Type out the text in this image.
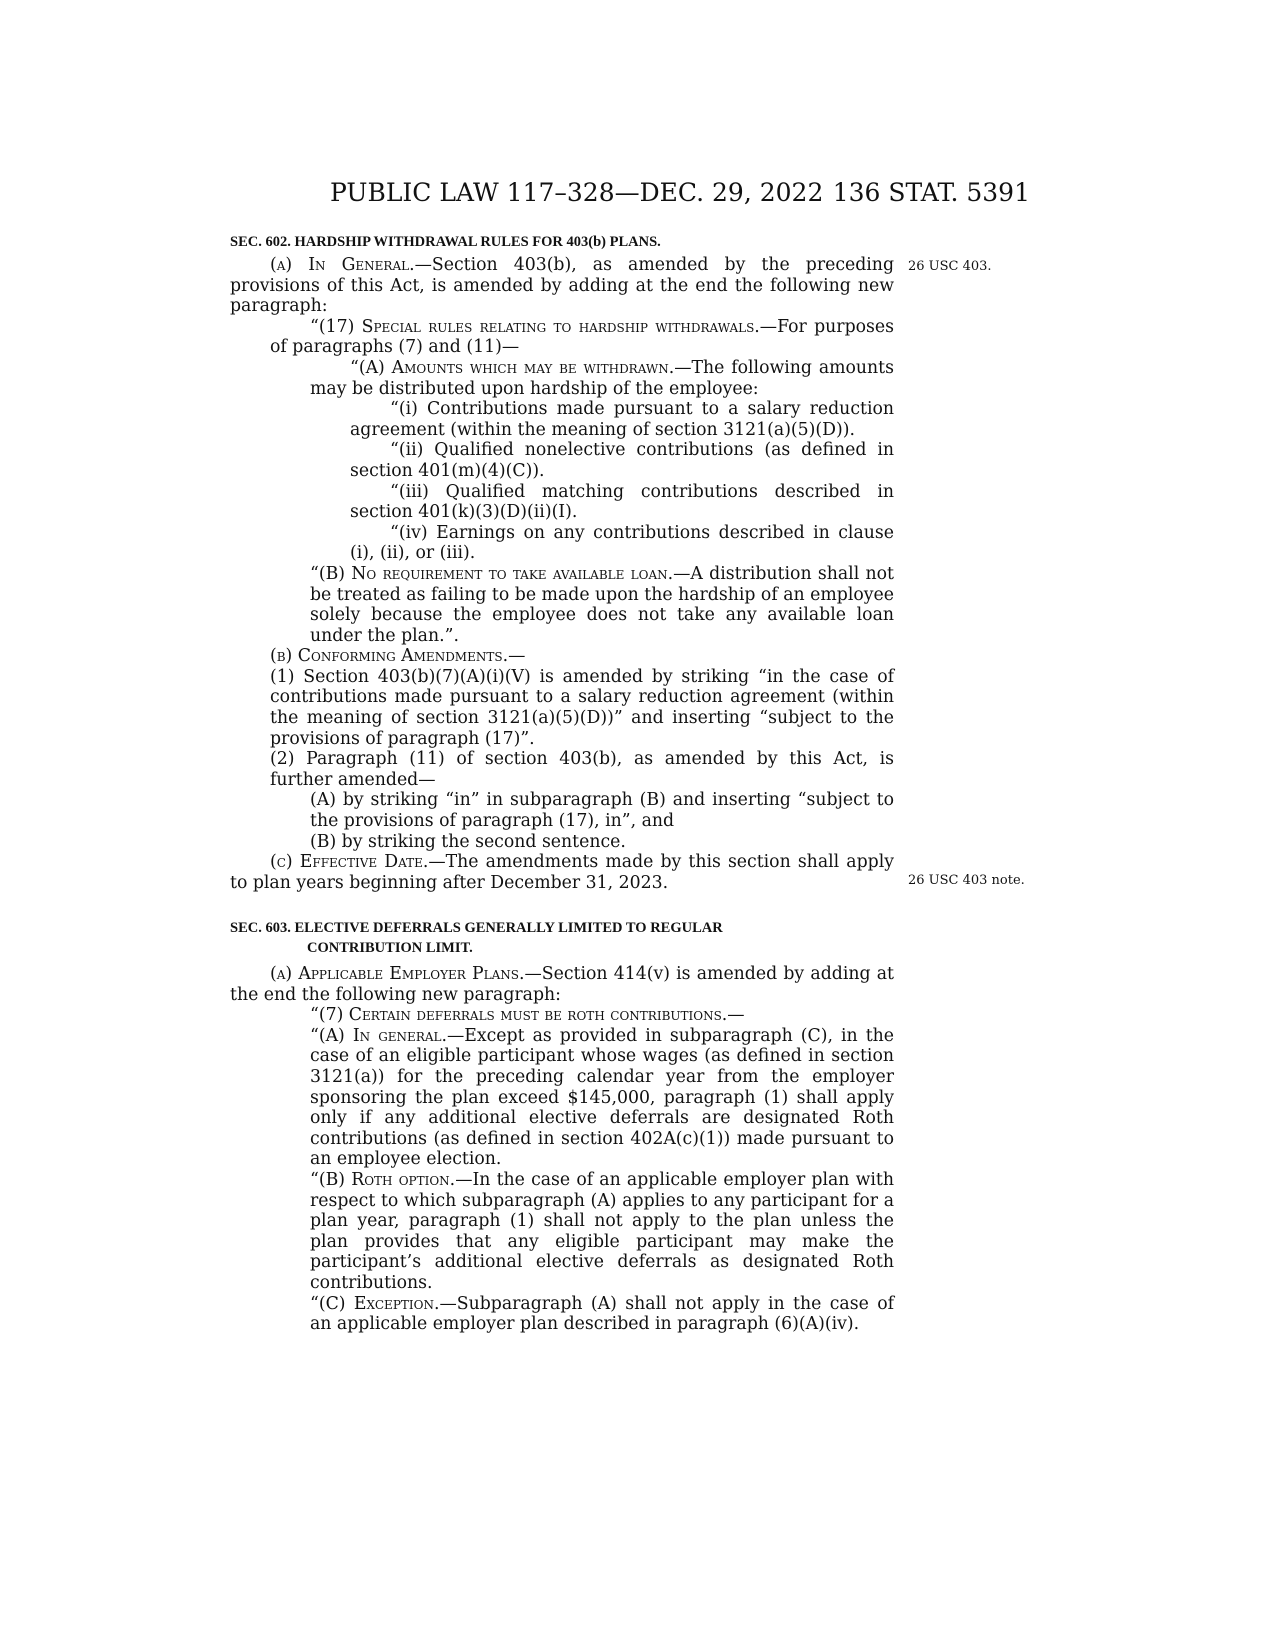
PUBLIC LAW 117–328—DEC. 29, 2022 136 STAT. 5391
SEC. 602. HARDSHIP WITHDRAWAL RULES FOR 403(b) PLANS.
26 USC 403.

(a) In General.—Section 403(b), as amended by the preceding provisions of this Act, is amended by adding at the end the following new paragraph:

“(17) Special rules relating to hardship withdrawals.—For purposes of paragraphs (7) and (11)—

“(A) Amounts which may be withdrawn.—The following amounts may be distributed upon hardship of the employee:

“(i) Contributions made pursuant to a salary reduction agreement (within the meaning of section 3121(a)(5)(D)).

“(ii) Qualified nonelective contributions (as defined in section 401(m)(4)(C)).

“(iii) Qualified matching contributions described in section 401(k)(3)(D)(ii)(I).

“(iv) Earnings on any contributions described in clause (i), (ii), or (iii).

“(B) No requirement to take available loan.—A distribution shall not be treated as failing to be made upon the hardship of an employee solely because the employee does not take any available loan under the plan.”.

(b) Conforming Amendments.—

(1) Section 403(b)(7)(A)(i)(V) is amended by striking “in the case of contributions made pursuant to a salary reduction agreement (within the meaning of section 3121(a)(5)(D))” and inserting “subject to the provisions of paragraph (17)”.

(2) Paragraph (11) of section 403(b), as amended by this Act, is further amended—

(A) by striking “in” in subparagraph (B) and inserting “subject to the provisions of paragraph (17), in”, and

(B) by striking the second sentence.

(c) Effective Date.—The amendments made by this section shall apply to plan years beginning after December 31, 2023.	26 USC 403 note.
SEC. 603. ELECTIVE DEFERRALS GENERALLY LIMITED TO REGULAR
CONTRIBUTION LIMIT.

(a) Applicable Employer Plans.—Section 414(v) is amended by adding at the end the following new paragraph:

“(7) Certain deferrals must be roth contributions.—

“(A) In general.—Except as provided in subparagraph (C), in the case of an eligible participant whose wages (as defined in section 3121(a)) for the preceding calendar year from the employer sponsoring the plan exceed $145,000, paragraph (1) shall apply only if any additional elective deferrals are designated Roth contributions (as defined in section 402A(c)(1)) made pursuant to an employee election.

“(B) Roth option.—In the case of an applicable employer plan with respect to which subparagraph (A) applies to any participant for a plan year, paragraph (1) shall not apply to the plan unless the plan provides that any eligible participant may make the participant’s additional elective deferrals as designated Roth contributions.

“(C) Exception.—Subparagraph (A) shall not apply in the case of an applicable employer plan described in paragraph (6)(A)(iv).
